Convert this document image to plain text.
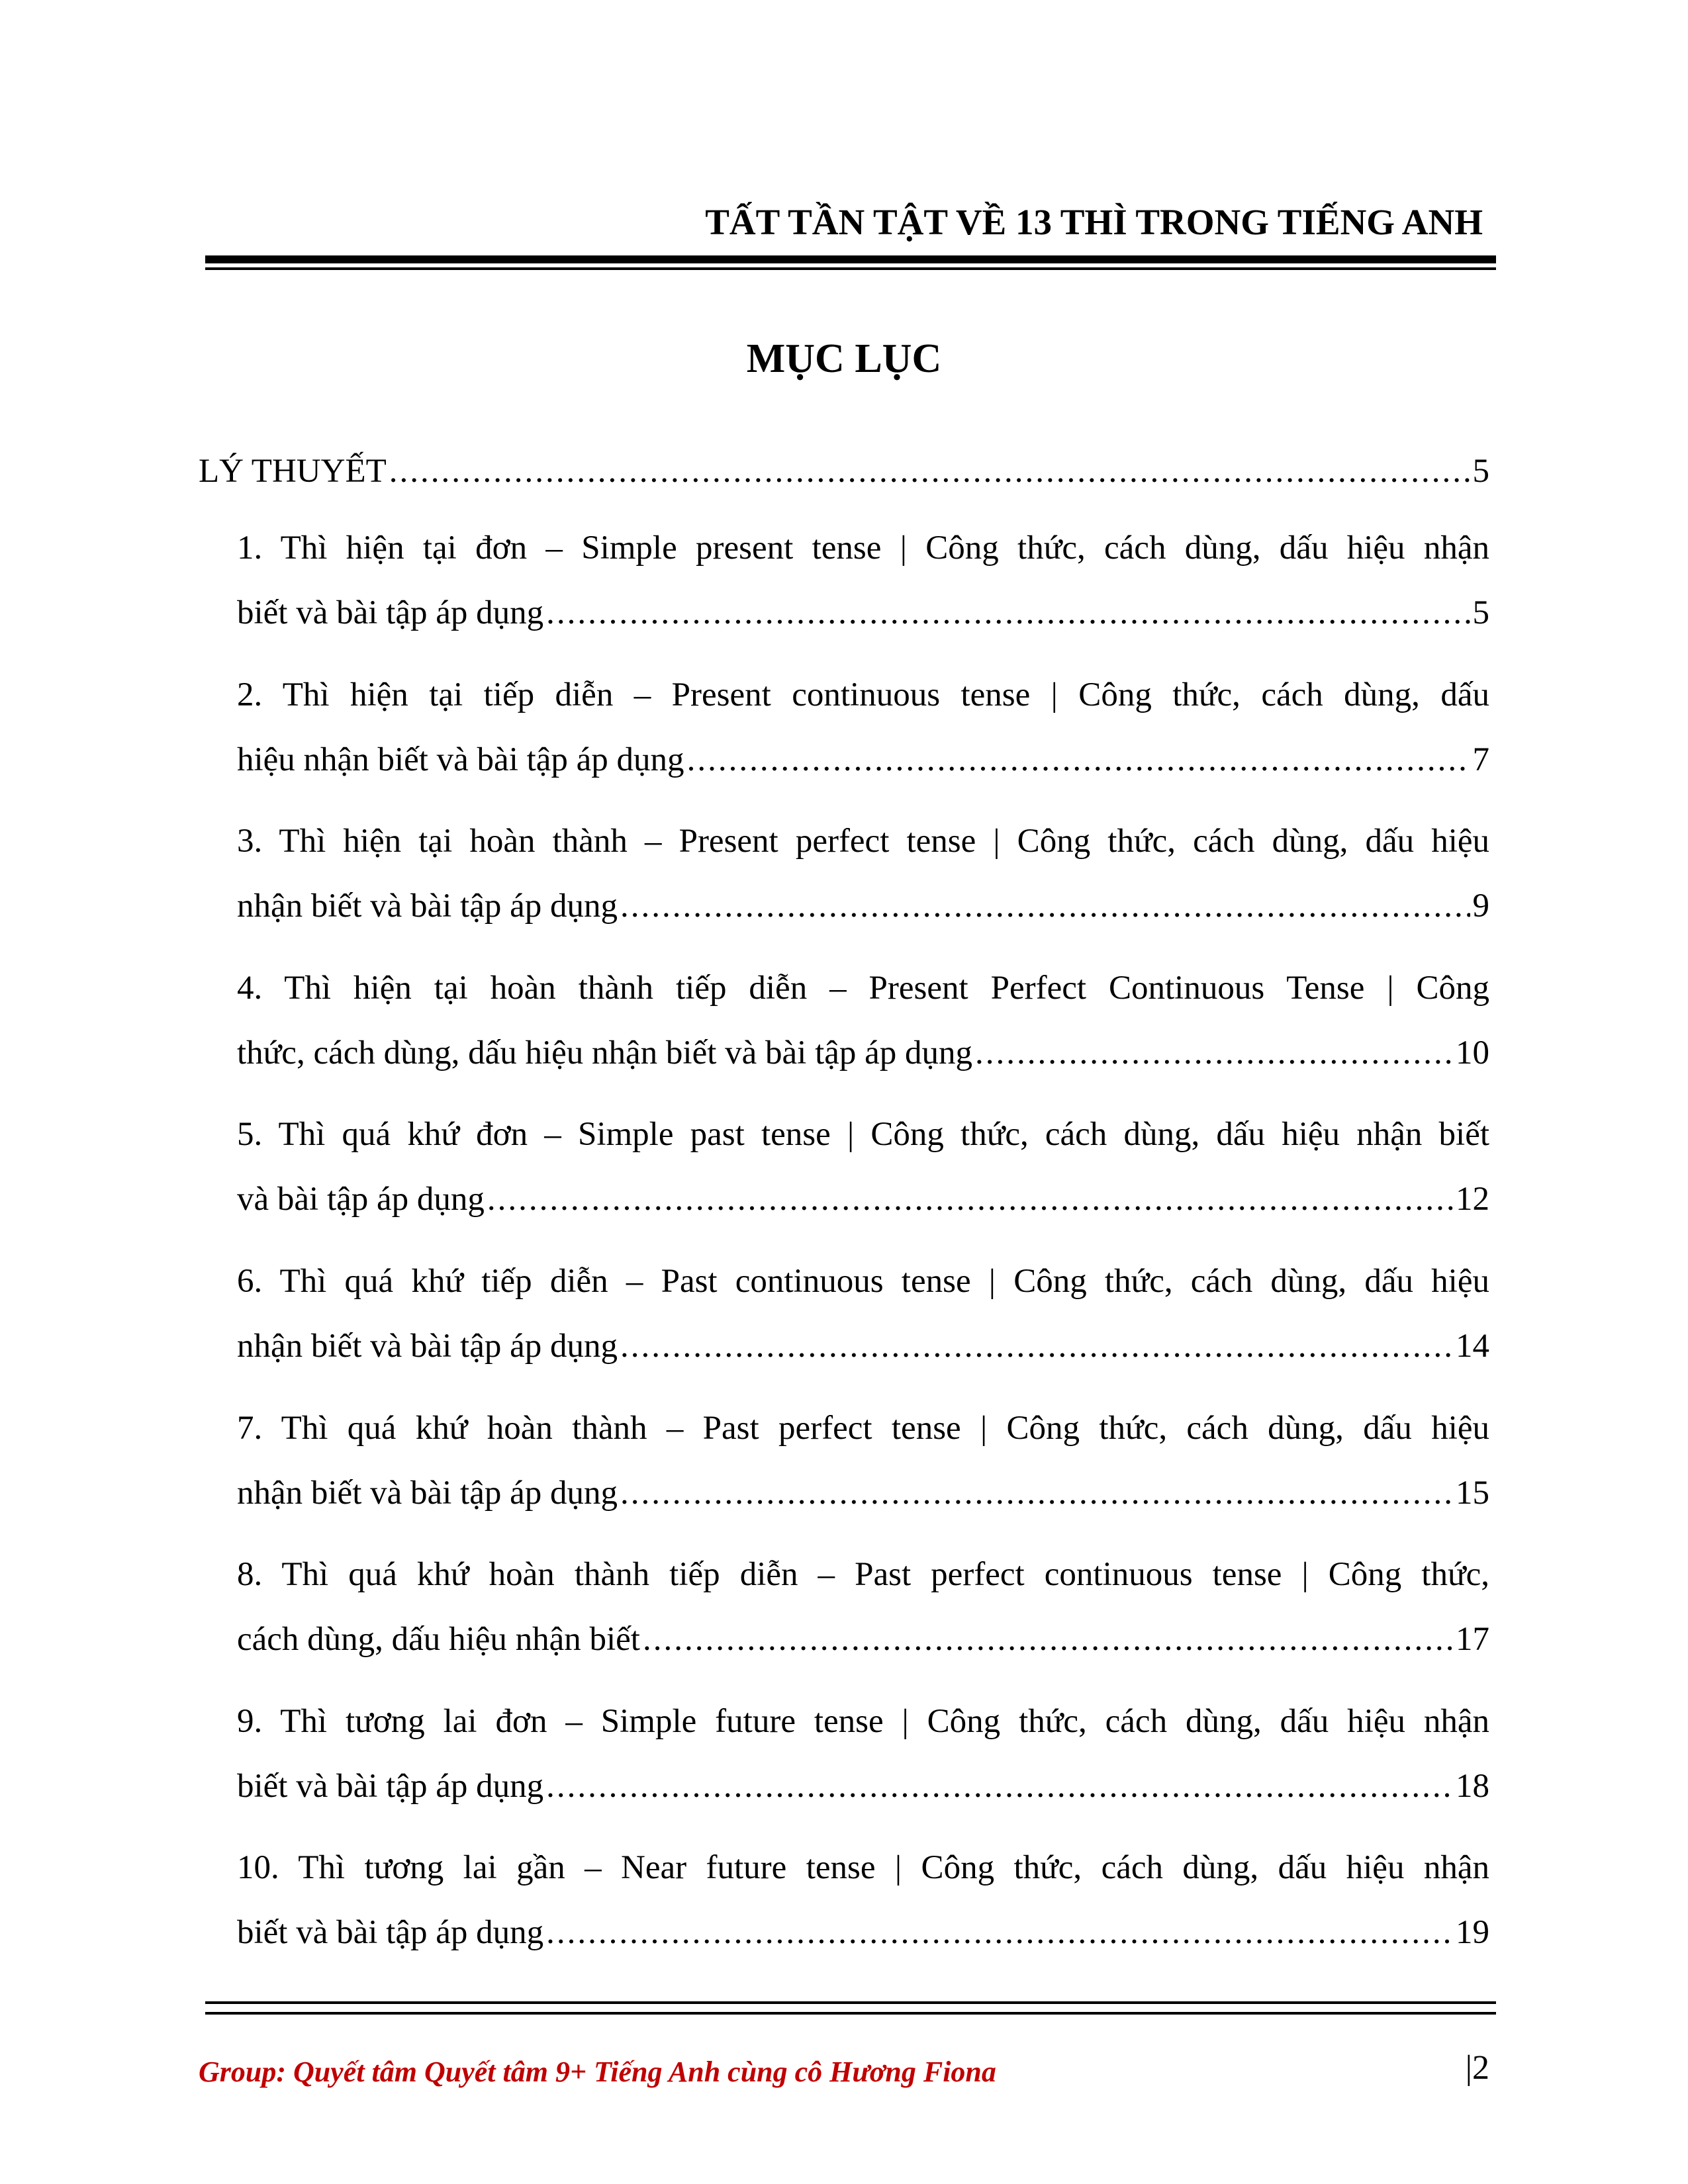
TẤT TẦN TẬT VỀ 13 THÌ TRONG TIẾNG ANH
MỤC LỤC
LÝ THUYẾT .....	5
1. Thì hiện tại đơn – Simple present tense | Công thức, cách dùng, dấu hiệu nhận
biết và bài tập áp dụng .....	5
2. Thì hiện tại tiếp diễn – Present continuous tense | Công thức, cách dùng, dấu
hiệu nhận biết và bài tập áp dụng .....	7
3. Thì hiện tại hoàn thành – Present perfect tense | Công thức, cách dùng, dấu hiệu
nhận biết và bài tập áp dụng .....	9
4. Thì hiện tại hoàn thành tiếp diễn – Present Perfect Continuous Tense | Công
thức, cách dùng, dấu hiệu nhận biết và bài tập áp dụng .....	10
5. Thì quá khứ đơn – Simple past tense | Công thức, cách dùng, dấu hiệu nhận biết
và bài tập áp dụng .....	12
6. Thì quá khứ tiếp diễn – Past continuous tense | Công thức, cách dùng, dấu hiệu
nhận biết và bài tập áp dụng .....	14
7. Thì quá khứ hoàn thành – Past perfect tense | Công thức, cách dùng, dấu hiệu
nhận biết và bài tập áp dụng .....	15
8. Thì quá khứ hoàn thành tiếp diễn – Past perfect continuous tense | Công thức,
cách dùng, dấu hiệu nhận biết .....	17
9. Thì tương lai đơn – Simple future tense | Công thức, cách dùng, dấu hiệu nhận
biết và bài tập áp dụng .....	18
10. Thì tương lai gần – Near future tense | Công thức, cách dùng, dấu hiệu nhận
biết và bài tập áp dụng .....	19
Group: Quyết tâm Quyết tâm 9+ Tiếng Anh cùng cô Hương Fiona	|2
